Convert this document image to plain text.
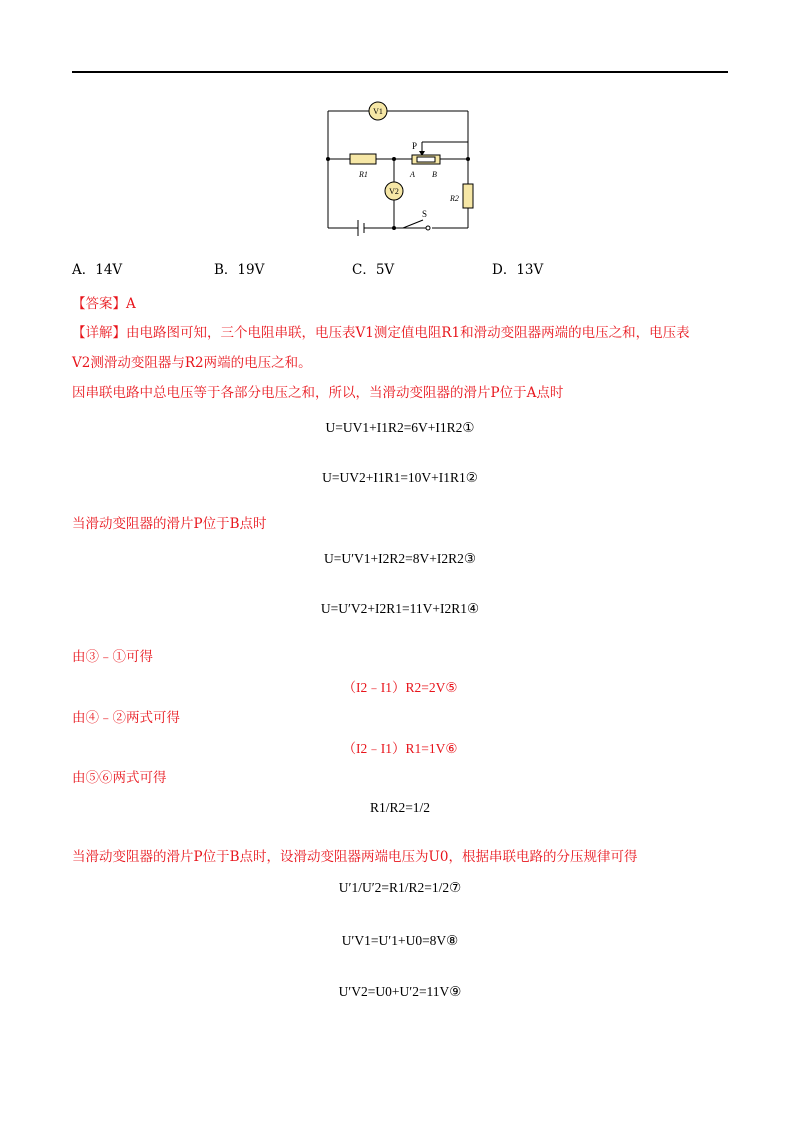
V1
V2
P
R1	A B
R2
S
A．14V	B．19V	C．5V	D．13V
【答案】A
【详解】由电路图可知，三个电阻串联，电压表V1测定值电阻R1和滑动变阻器两端的电压之和，电压表
V2测滑动变阻器与R2两端的电压之和。
因串联电路中总电压等于各部分电压之和，所以，当滑动变阻器的滑片P位于A点时
U=UV1+I1R2=6V+I1R2①
U=UV2+I1R1=10V+I1R1②
当滑动变阻器的滑片P位于B点时
U=U′V1+I2R2=8V+I2R2③
U=U′V2+I2R1=11V+I2R1④
由③﹣①可得
（I2﹣I1）R2=2V⑤
由④﹣②两式可得
（I2﹣I1）R1=1V⑥
由⑤⑥两式可得
R1/R2=1/2
当滑动变阻器的滑片P位于B点时，设滑动变阻器两端电压为U0，根据串联电路的分压规律可得
U′1/U′2=R1/R2=1/2⑦
U′V1=U′1+U0=8V⑧
U′V2=U0+U′2=11V⑨
